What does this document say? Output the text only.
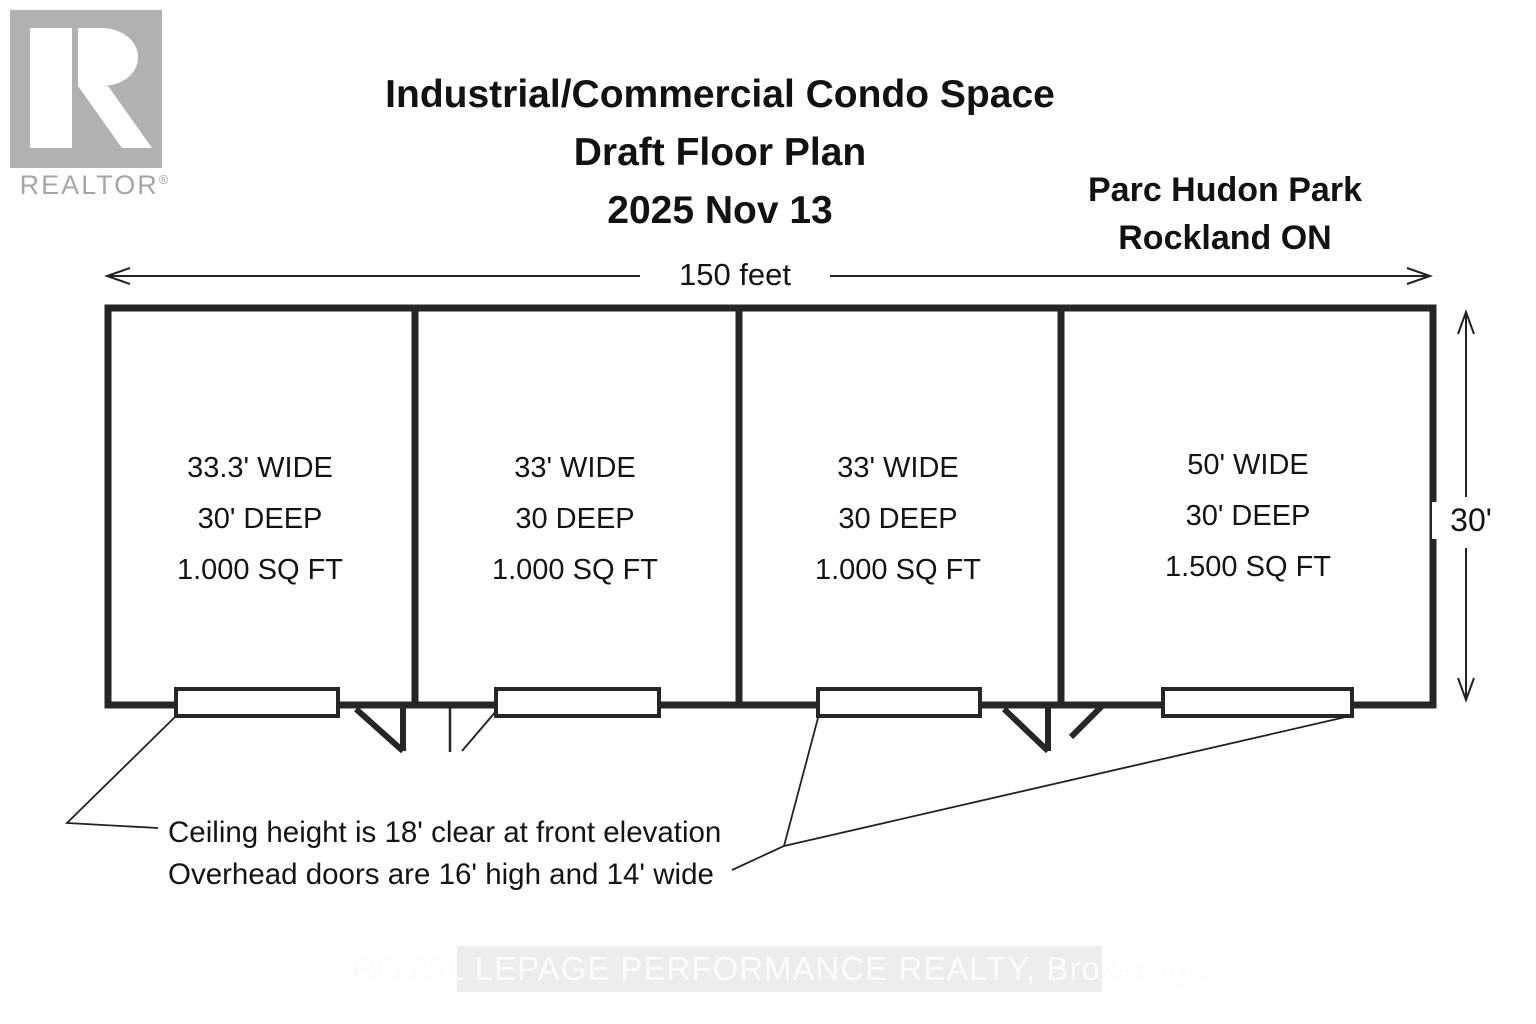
REALTOR®
Industrial/Commercial Condo Space
Draft Floor Plan
2025 Nov 13	Parc Hudon Park
Rockland ON
150 feet
30'
33.3' WIDE
30' DEEP
1.000 SQ FT
33' WIDE
30 DEEP
1.000 SQ FT
33' WIDE
30 DEEP
1.000 SQ FT
50' WIDE
30' DEEP
1.500 SQ FT
Ceiling height is 18' clear at front elevation
Overhead doors are 16' high and 14' wide
ROYAL LEPAGE PERFORMANCE REALTY, Brokerage
